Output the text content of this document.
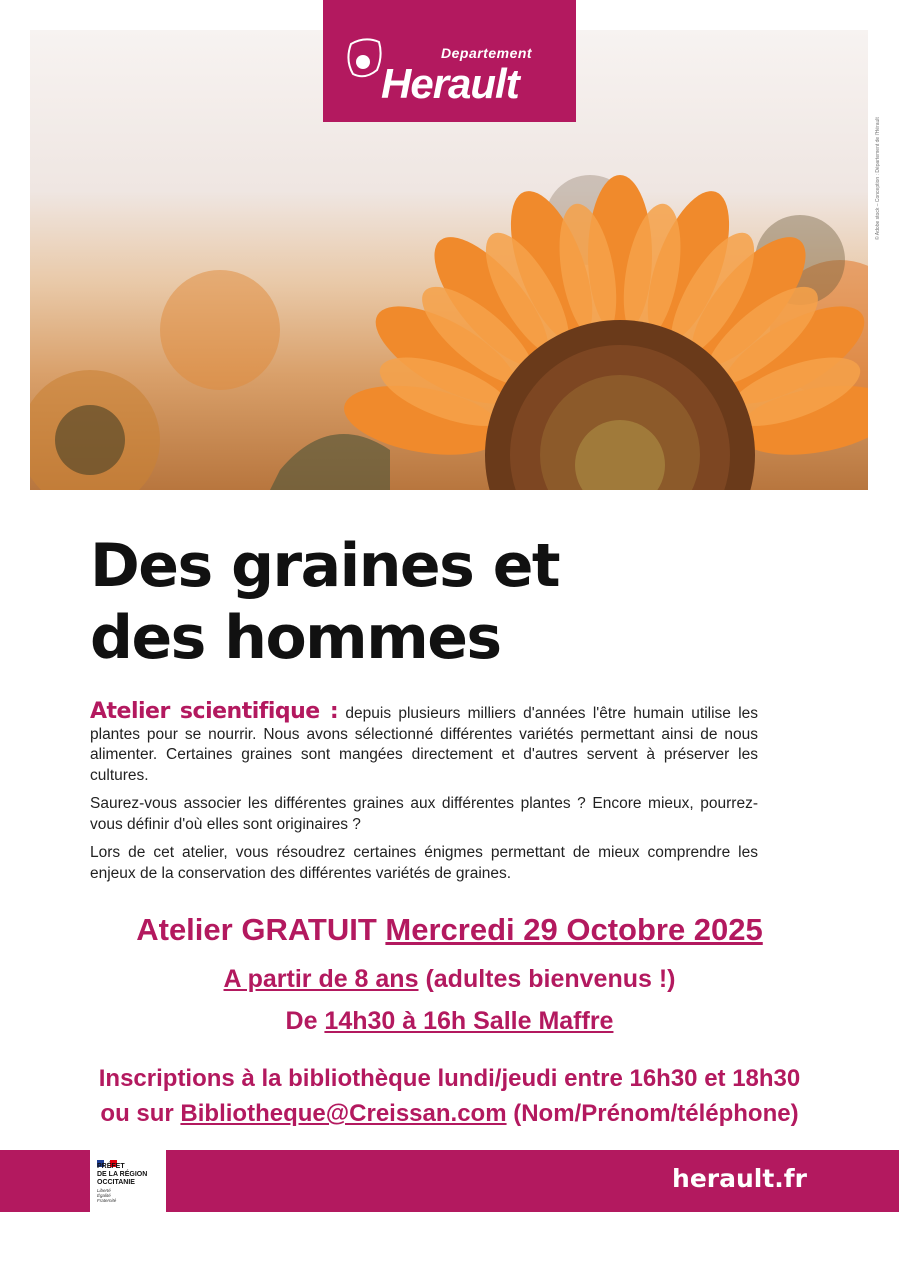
Departement
Herault
© Adobe stock – Conception : Département de l'Hérault
Des graines et
des hommes

Atelier scientifique : depuis plusieurs milliers d'années l'être humain utilise les plantes pour se nourrir. Nous avons sélectionné différentes variétés permettant ainsi de nous alimenter. Certaines graines sont mangées directement et d'autres servent à préserver les cultures.

Saurez-vous associer les différentes graines aux différentes plantes ? Encore mieux, pourrez-vous définir d'où elles sont originaires ?

Lors de cet atelier, vous résoudrez certaines énigmes permettant de mieux comprendre les enjeux de la conservation des différentes variétés de graines.

Atelier GRATUIT Mercredi 29 Octobre 2025
A partir de 8 ans (adultes bienvenus !)
De 14h30 à 16h Salle Maffre
Inscriptions à la bibliothèque lundi/jeudi entre 16h30 et 18h30
ou sur Bibliotheque@Creissan.com (Nom/Prénom/téléphone)
PRÉFET
DE LA RÉGION
OCCITANIE
Liberté
Égalité
Fraternité
herault.fr
